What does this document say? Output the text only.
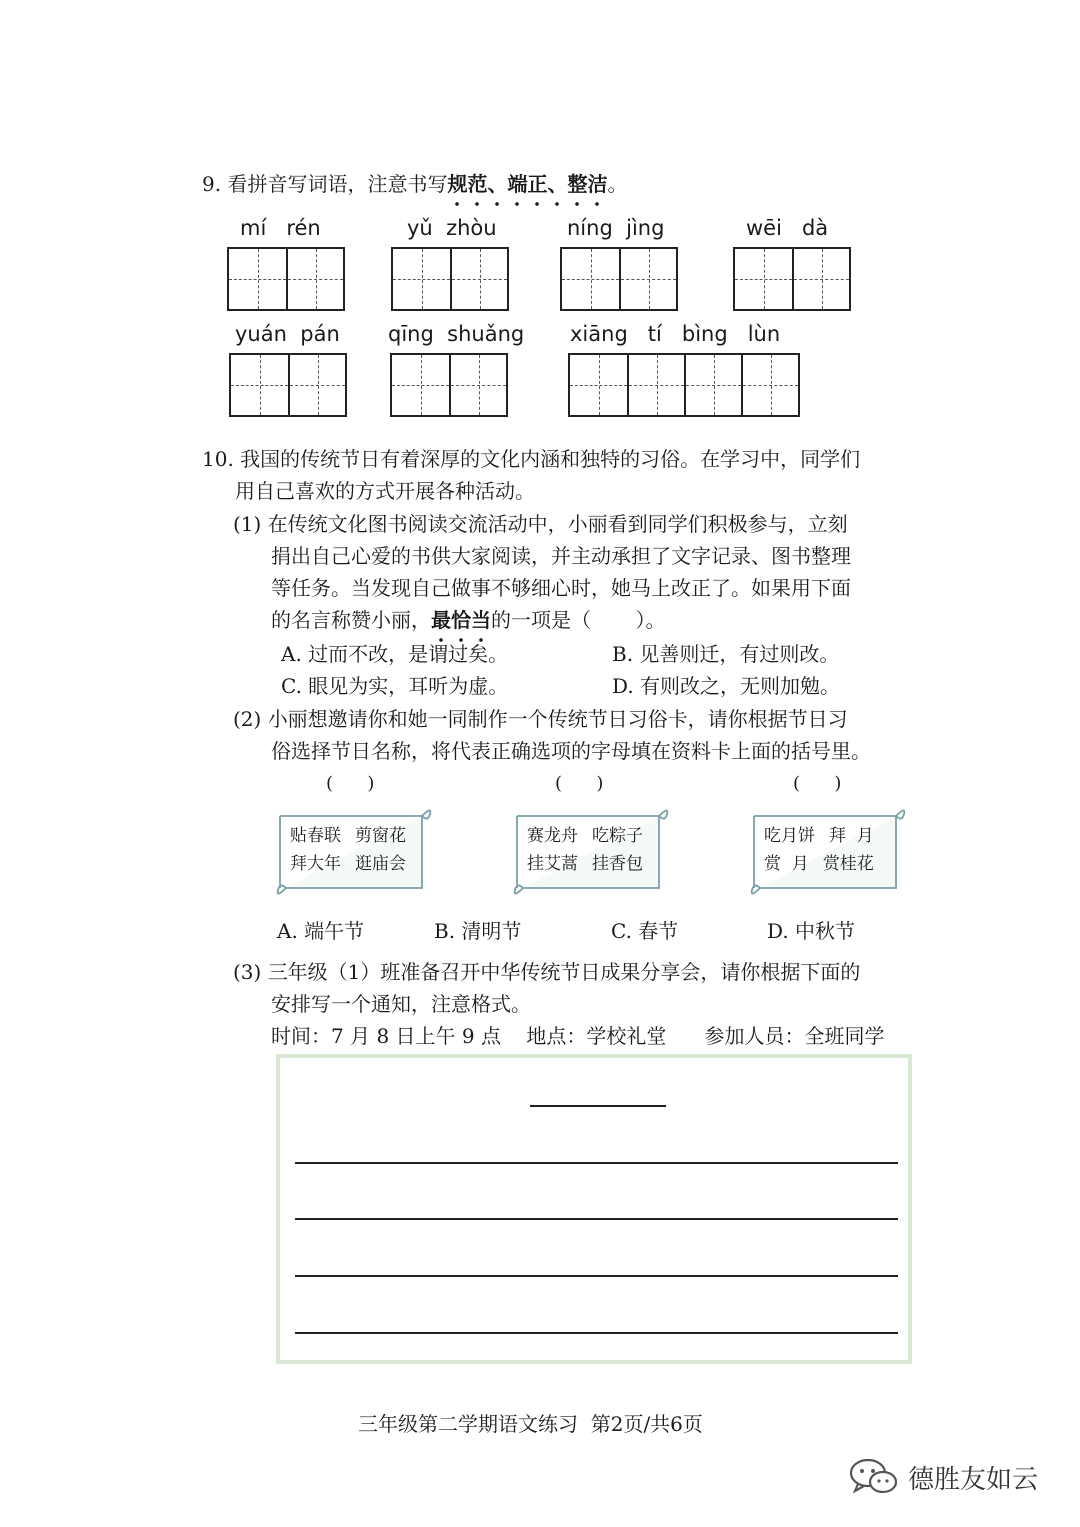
9. 看拼音写词语，注意书写规范、端正、整洁。
mí   rén	yǔ  zhòu	níng  jìng	wēi   dà
yuán  pán qīng  shuǎng xiāng   tí   bìng   lùn
10. 我国的传统节日有着深厚的文化内涵和独特的习俗。在学习中，同学们
用自己喜欢的方式开展各种活动。
(1) 在传统文化图书阅读交流活动中，小丽看到同学们积极参与，立刻
捐出自己心爱的书供大家阅读，并主动承担了文字记录、图书整理
等任务。当发现自己做事不够细心时，她马上改正了。如果用下面
的名言称赞小丽，最恰当的一项是（       ）。
A. 过而不改，是谓过矣。	B. 见善则迁，有过则改。
C. 眼见为实，耳听为虚。	D. 有则改之，无则加勉。
(2) 小丽想邀请你和她一同制作一个传统节日习俗卡，请你根据节日习
俗选择节日名称，将代表正确选项的字母填在资料卡上面的括号里。
(      )	(      )	(      )
贴春联 剪窗花
拜大年 逛庙会
赛龙舟 吃粽子
挂艾蒿 挂香包
吃月饼 拜  月
赏  月 赏桂花
A. 端午节	B. 清明节	C. 春节	D. 中秋节
(3) 三年级（1）班准备召开中华传统节日成果分享会，请你根据下面的
安排写一个通知，注意格式。
时间：7 月 8 日上午 9 点    地点：学校礼堂      参加人员：全班同学
三年级第二学期语文练习  第2页/共6页
德胜友如云
